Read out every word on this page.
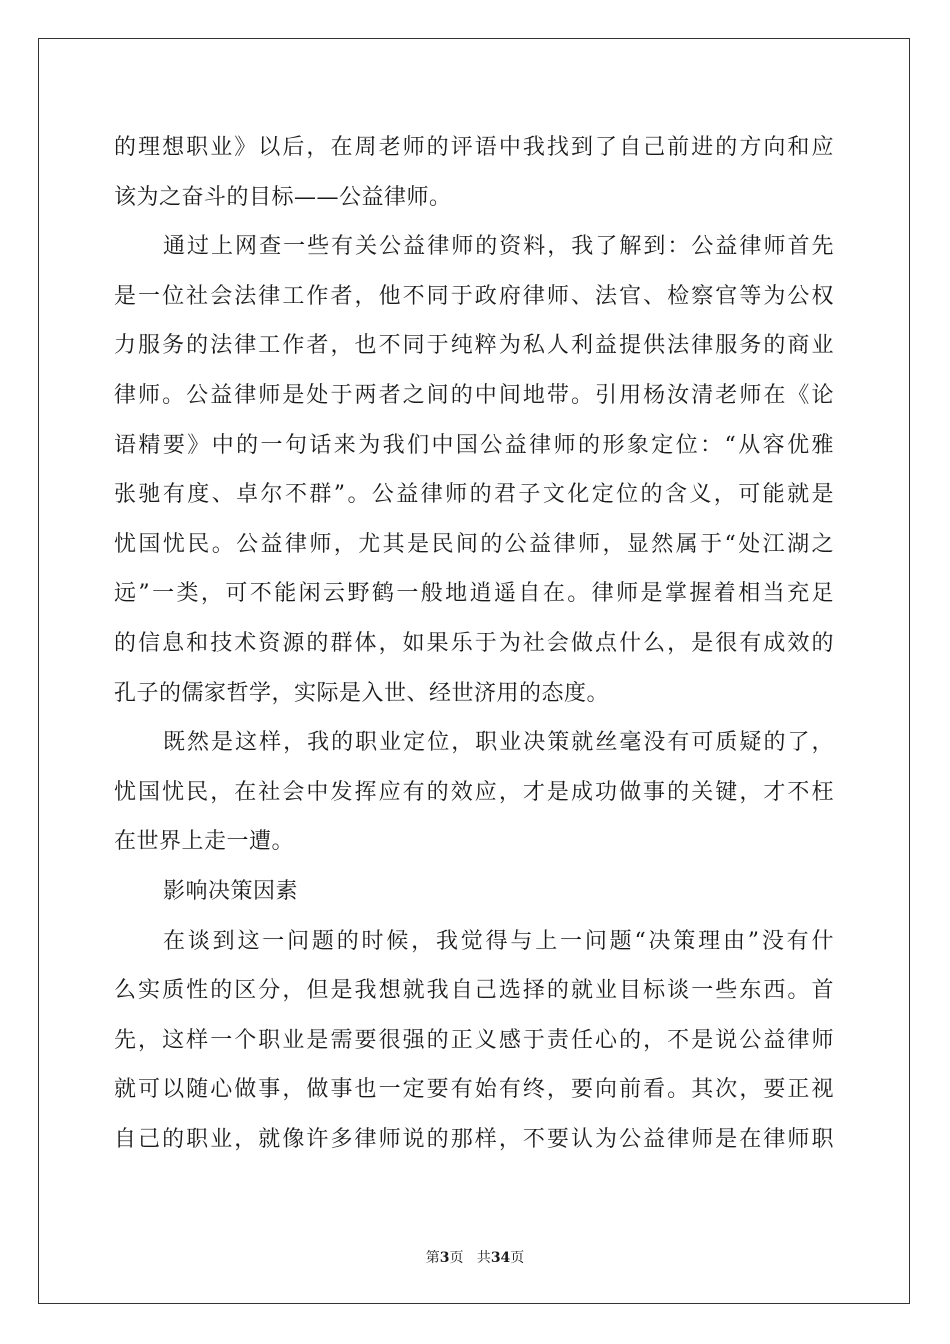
的理想职业》以后，在周老师的评语中我找到了自己前进的方向和应
该为之奋斗的目标——公益律师。
通过上网查一些有关公益律师的资料，我了解到：公益律师首先
是一位社会法律工作者，他不同于政府律师、法官、检察官等为公权
力服务的法律工作者，也不同于纯粹为私人利益提供法律服务的商业
律师。公益律师是处于两者之间的中间地带。引用杨汝清老师在《论
语精要》中的一句话来为我们中国公益律师的形象定位：“从容优雅
张驰有度、卓尔不群”。公益律师的君子文化定位的含义，可能就是
忧国忧民。公益律师，尤其是民间的公益律师，显然属于“处江湖之
远”一类，可不能闲云野鹤一般地逍遥自在。律师是掌握着相当充足
的信息和技术资源的群体，如果乐于为社会做点什么，是很有成效的
孔子的儒家哲学，实际是入世、经世济用的态度。
既然是这样，我的职业定位，职业决策就丝毫没有可质疑的了，
忧国忧民，在社会中发挥应有的效应，才是成功做事的关键，才不枉
在世界上走一遭。
影响决策因素
在谈到这一问题的时候，我觉得与上一问题“决策理由”没有什
么实质性的区分，但是我想就我自己选择的就业目标谈一些东西。首
先，这样一个职业是需要很强的正义感于责任心的，不是说公益律师
就可以随心做事，做事也一定要有始有终，要向前看。其次，要正视
自己的职业，就像许多律师说的那样，不要认为公益律师是在律师职
第3页 共34页
